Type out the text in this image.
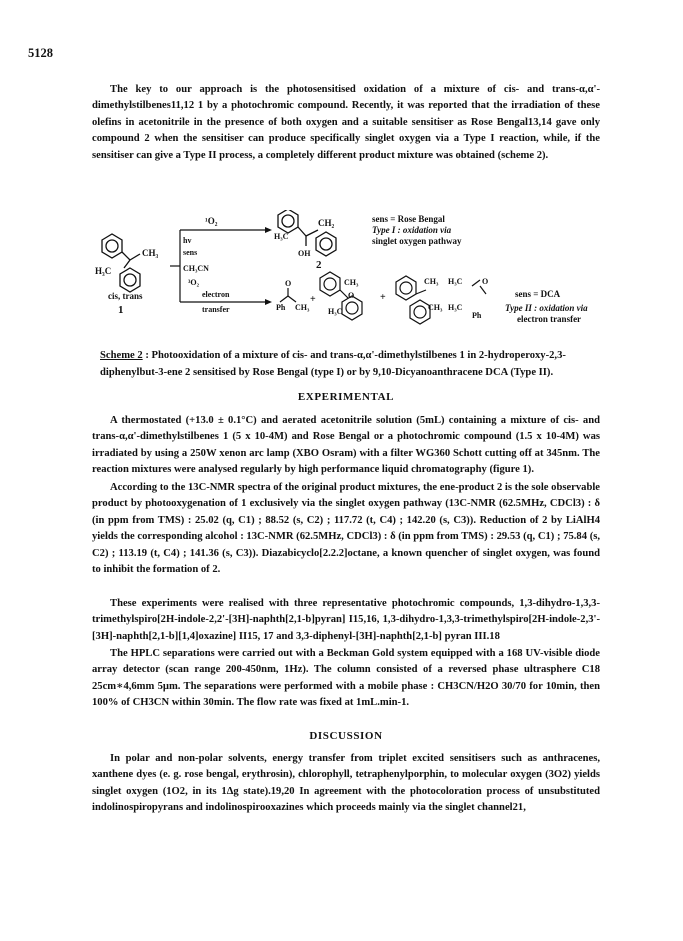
5128

The key to our approach is the photosensitised oxidation of a mixture of cis- and trans-α,α'-dimethylstilbenes11,12 1 by a photochromic compound. Recently, it was reported that the irradiation of these olefins in acetonitrile in the presence of both oxygen and a suitable sensitiser as Rose Bengal13,14 gave only compound 2 when the sensitiser can produce specifically singlet oxygen via a Type I reaction, while, if the sensitiser can give a Type II process, a completely different product mixture was obtained (scheme 2).

CH₃
H₃C
cis, trans
1
¹O₂
hv
sens
CH₃CN
³O₂
electron
transfer
CH₂
H₃C
OH
2
sens = Rose Bengal
Type I : oxidation via
singlet oxygen pathway
Ph
O
CH₃
+
CH₃
O
H₃C
+
CH₃ H₃C O
CH₃ H₃C
Ph
sens = DCA
Type II : oxidation via
electron transfer

Scheme 2 : Photooxidation of a mixture of cis- and trans-α,α'-dimethylstilbenes 1 in 2-hydroperoxy-2,3-diphenylbut-3-ene 2 sensitised by Rose Bengal (type I) or by 9,10-Dicyanoanthracene DCA (Type II).

EXPERIMENTAL

A thermostated (+13.0 ± 0.1°C) and aerated acetonitrile solution (5mL) containing a mixture of cis- and trans-α,α'-dimethylstilbenes 1 (5 x 10-4M) and Rose Bengal or a photochromic compound (1.5 x 10-4M) was irradiated by using a 250W xenon arc lamp (XBO Osram) with a filter WG360 Schott cutting off at 345nm. The reaction mixtures were analysed regularly by high performance liquid chromatography (figure 1).

According to the 13C-NMR spectra of the original product mixtures, the ene-product 2 is the sole observable product by photooxygenation of 1 exclusively via the singlet oxygen pathway (13C-NMR (62.5MHz, CDCl3) : δ (in ppm from TMS) : 25.02 (q, C1) ; 88.52 (s, C2) ; 117.72 (t, C4) ; 142.20 (s, C3)). Reduction of 2 by LiAlH4 yields the corresponding alcohol : 13C-NMR (62.5MHz, CDCl3) : δ (in ppm from TMS) : 29.53 (q, C1) ; 75.84 (s, C2) ; 113.19 (t, C4) ; 141.36 (s, C3)). Diazabicyclo[2.2.2]octane, a known quencher of singlet oxygen, was found to inhibit the formation of 2.

These experiments were realised with three representative photochromic compounds, 1,3-dihydro-1,3,3-trimethylspiro[2H-indole-2,2'-[3H]-naphth[2,1-b]pyran] I15,16, 1,3-dihydro-1,3,3-trimethylspiro[2H-indole-2,3'-[3H]-naphth[2,1-b][1,4]oxazine] II15, 17 and 3,3-diphenyl-[3H]-naphth[2,1-b] pyran III.18

The HPLC separations were carried out with a Beckman Gold system equipped with a 168 UV-visible diode array detector (scan range 200-450nm, 1Hz). The column consisted of a reversed phase ultrasphere C18 25cm∗4,6mm 5µm. The separations were performed with a mobile phase : CH3CN/H2O 30/70 for 10min, then 100% of CH3CN within 30min. The flow rate was fixed at 1mL.min-1.

DISCUSSION

In polar and non-polar solvents, energy transfer from triplet excited sensitisers such as anthracenes, xanthene dyes (e. g. rose bengal, erythrosin), chlorophyll, tetraphenylporphin, to molecular oxygen (3O2) yields singlet oxygen (1O2, in its 1Δg state).19,20 In agreement with the photocoloration process of unsubstituted indolinospiropyrans and indolinospirooxazines which proceeds mainly via the singlet channel21,
